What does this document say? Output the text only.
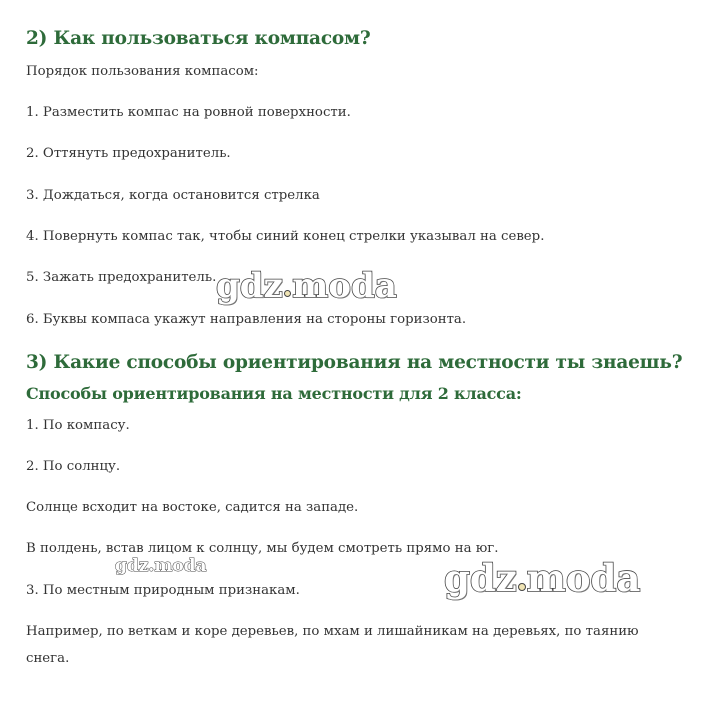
2) Как пользоваться компасом?

Порядок пользования компасом:

1. Разместить компас на ровной поверхности.

2. Оттянуть предохранитель.

3. Дождаться, когда остановится стрелка

4. Повернуть компас так, чтобы синий конец стрелки указывал на север.

5. Зажать предохранитель.

6. Буквы компаса укажут направления на стороны горизонта.

3) Какие способы ориентирования на местности ты знаешь?
Способы ориентирования на местности для 2 класса:

1. По компасу.

2. По солнцу.

Солнце всходит на востоке, садится на западе.

В полдень, встав лицом к солнцу, мы будем смотреть прямо на юг.

3. По местным природным признакам.

Например, по веткам и коре деревьев, по мхам и лишайникам на деревьях, по таянию снега.

gdz moda
gdz moda
gdz.moda
